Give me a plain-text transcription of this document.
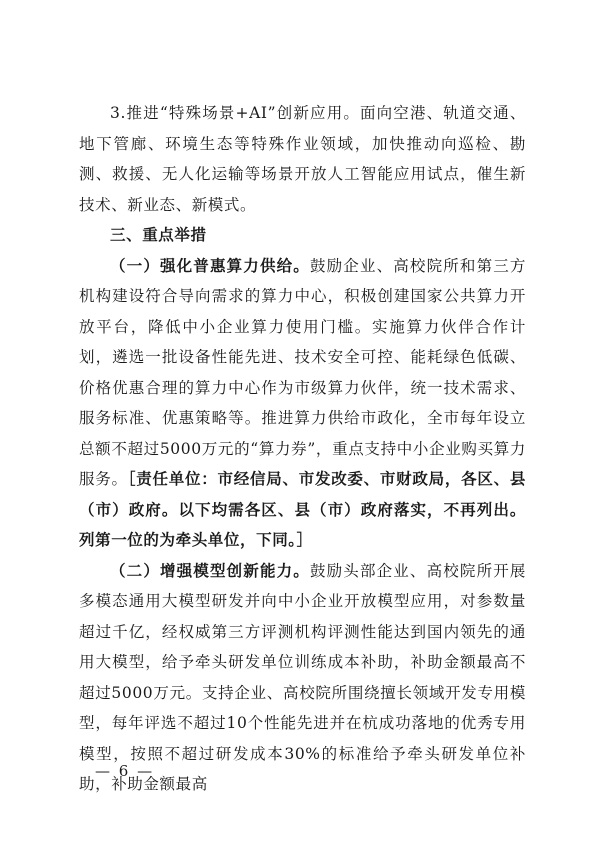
3.推进“特殊场景+AI”创新应用。面向空港、轨道交通、地下管廊、环境生态等特殊作业领域，加快推动向巡检、勘测、救援、无人化运输等场景开放人工智能应用试点，催生新技术、新业态、新模式。

三、重点举措

（一）强化普惠算力供给。鼓励企业、高校院所和第三方机构建设符合导向需求的算力中心，积极创建国家公共算力开放平台，降低中小企业算力使用门槛。实施算力伙伴合作计划，遴选一批设备性能先进、技术安全可控、能耗绿色低碳、价格优惠合理的算力中心作为市级算力伙伴，统一技术需求、服务标准、优惠策略等。推进算力供给市政化，全市每年设立总额不超过5000万元的“算力券”，重点支持中小企业购买算力服务。［责任单位：市经信局、市发改委、市财政局，各区、县（市）政府。以下均需各区、县（市）政府落实，不再列出。列第一位的为牵头单位，下同。］

（二）增强模型创新能力。鼓励头部企业、高校院所开展多模态通用大模型研发并向中小企业开放模型应用，对参数量超过千亿，经权威第三方评测机构评测性能达到国内领先的通用大模型，给予牵头研发单位训练成本补助，补助金额最高不超过5000万元。支持企业、高校院所围绕擅长领域开发专用模型，每年评选不超过10个性能先进并在杭成功落地的优秀专用模型，按照不超过研发成本30%的标准给予牵头研发单位补助，补助金额最高

— 6 —
